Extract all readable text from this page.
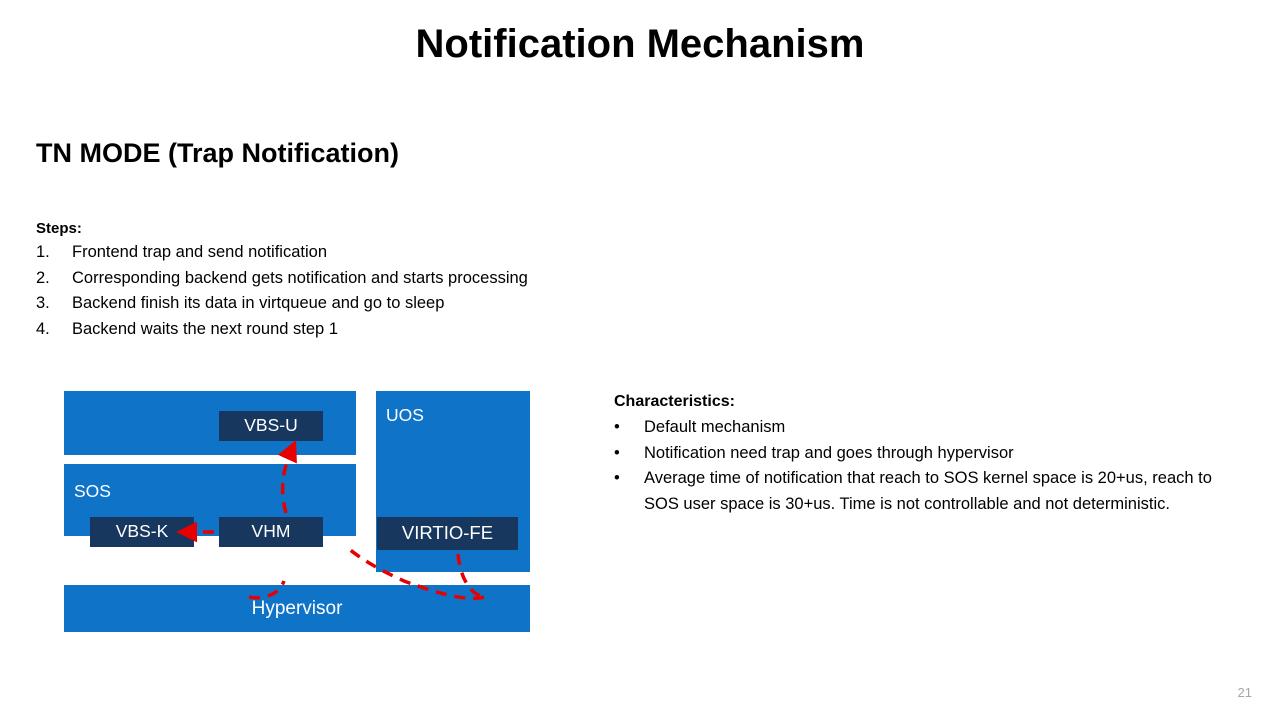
Notification Mechanism
TN MODE (Trap Notification)
Steps:
1.	Frontend trap and send notification
2.	Corresponding backend gets notification and starts processing
3.	Backend finish its data in virtqueue and go to sleep
4.	Backend waits the next round step 1
SOS
UOS
Hypervisor
VBS-U
VBS-K	VHM	VIRTIO-FE
Characteristics:
•	Default mechanism
•	Notification need trap and goes through hypervisor
•	Average time of notification that reach to SOS kernel space is 20+us, reach to SOS user space is 30+us. Time is not controllable and not deterministic.
21
